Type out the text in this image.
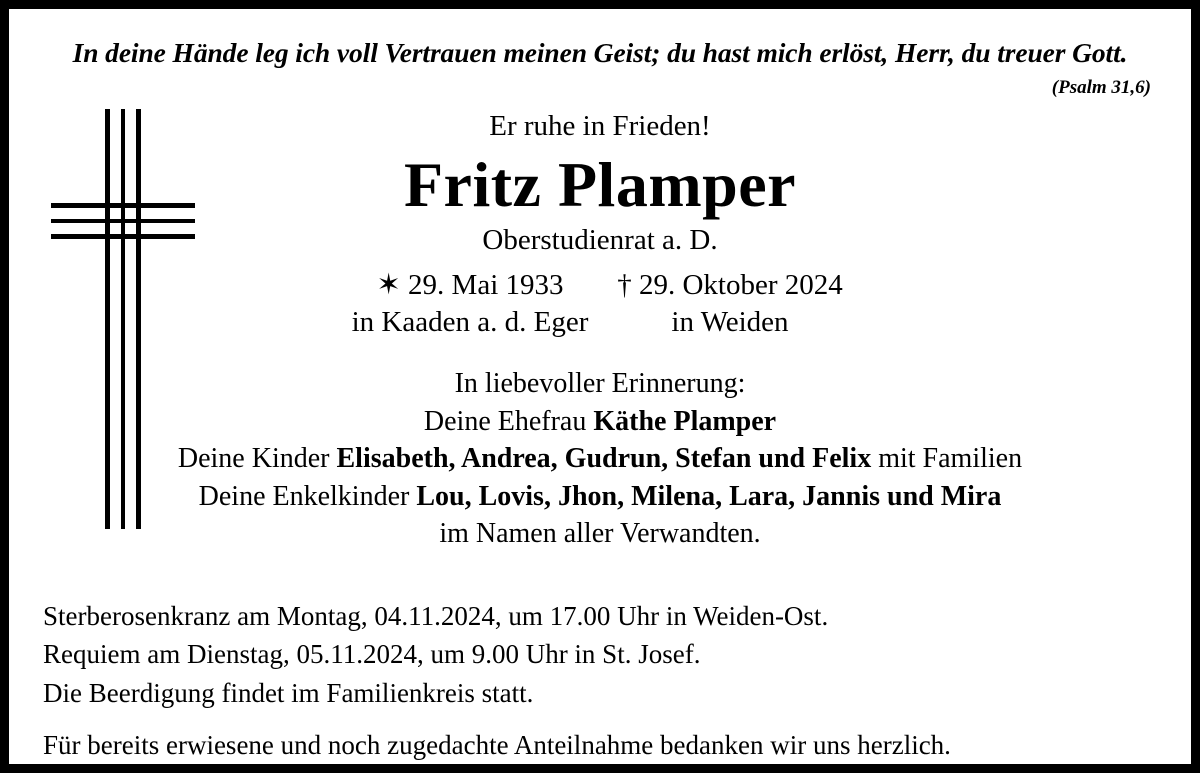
In deine Hände leg ich voll Vertrauen meinen Geist; du hast mich erlöst, Herr, du treuer Gott.
(Psalm 31,6)
Er ruhe in Frieden!
Fritz Plamper
Oberstudienrat a. D.
✶ 29. Mai 1933
in Kaaden a. d. Eger
† 29. Oktober 2024
in Weiden
In liebevoller Erinnerung:
Deine Ehefrau Käthe Plamper
Deine Kinder Elisabeth, Andrea, Gudrun, Stefan und Felix mit Familien
Deine Enkelkinder Lou, Lovis, Jhon, Milena, Lara, Jannis und Mira
im Namen aller Verwandten.
Sterberosenkranz am Montag, 04.11.2024, um 17.00 Uhr in Weiden-Ost.
Requiem am Dienstag, 05.11.2024, um 9.00 Uhr in St. Josef.
Die Beerdigung findet im Familienkreis statt.
Für bereits erwiesene und noch zugedachte Anteilnahme bedanken wir uns herzlich.
